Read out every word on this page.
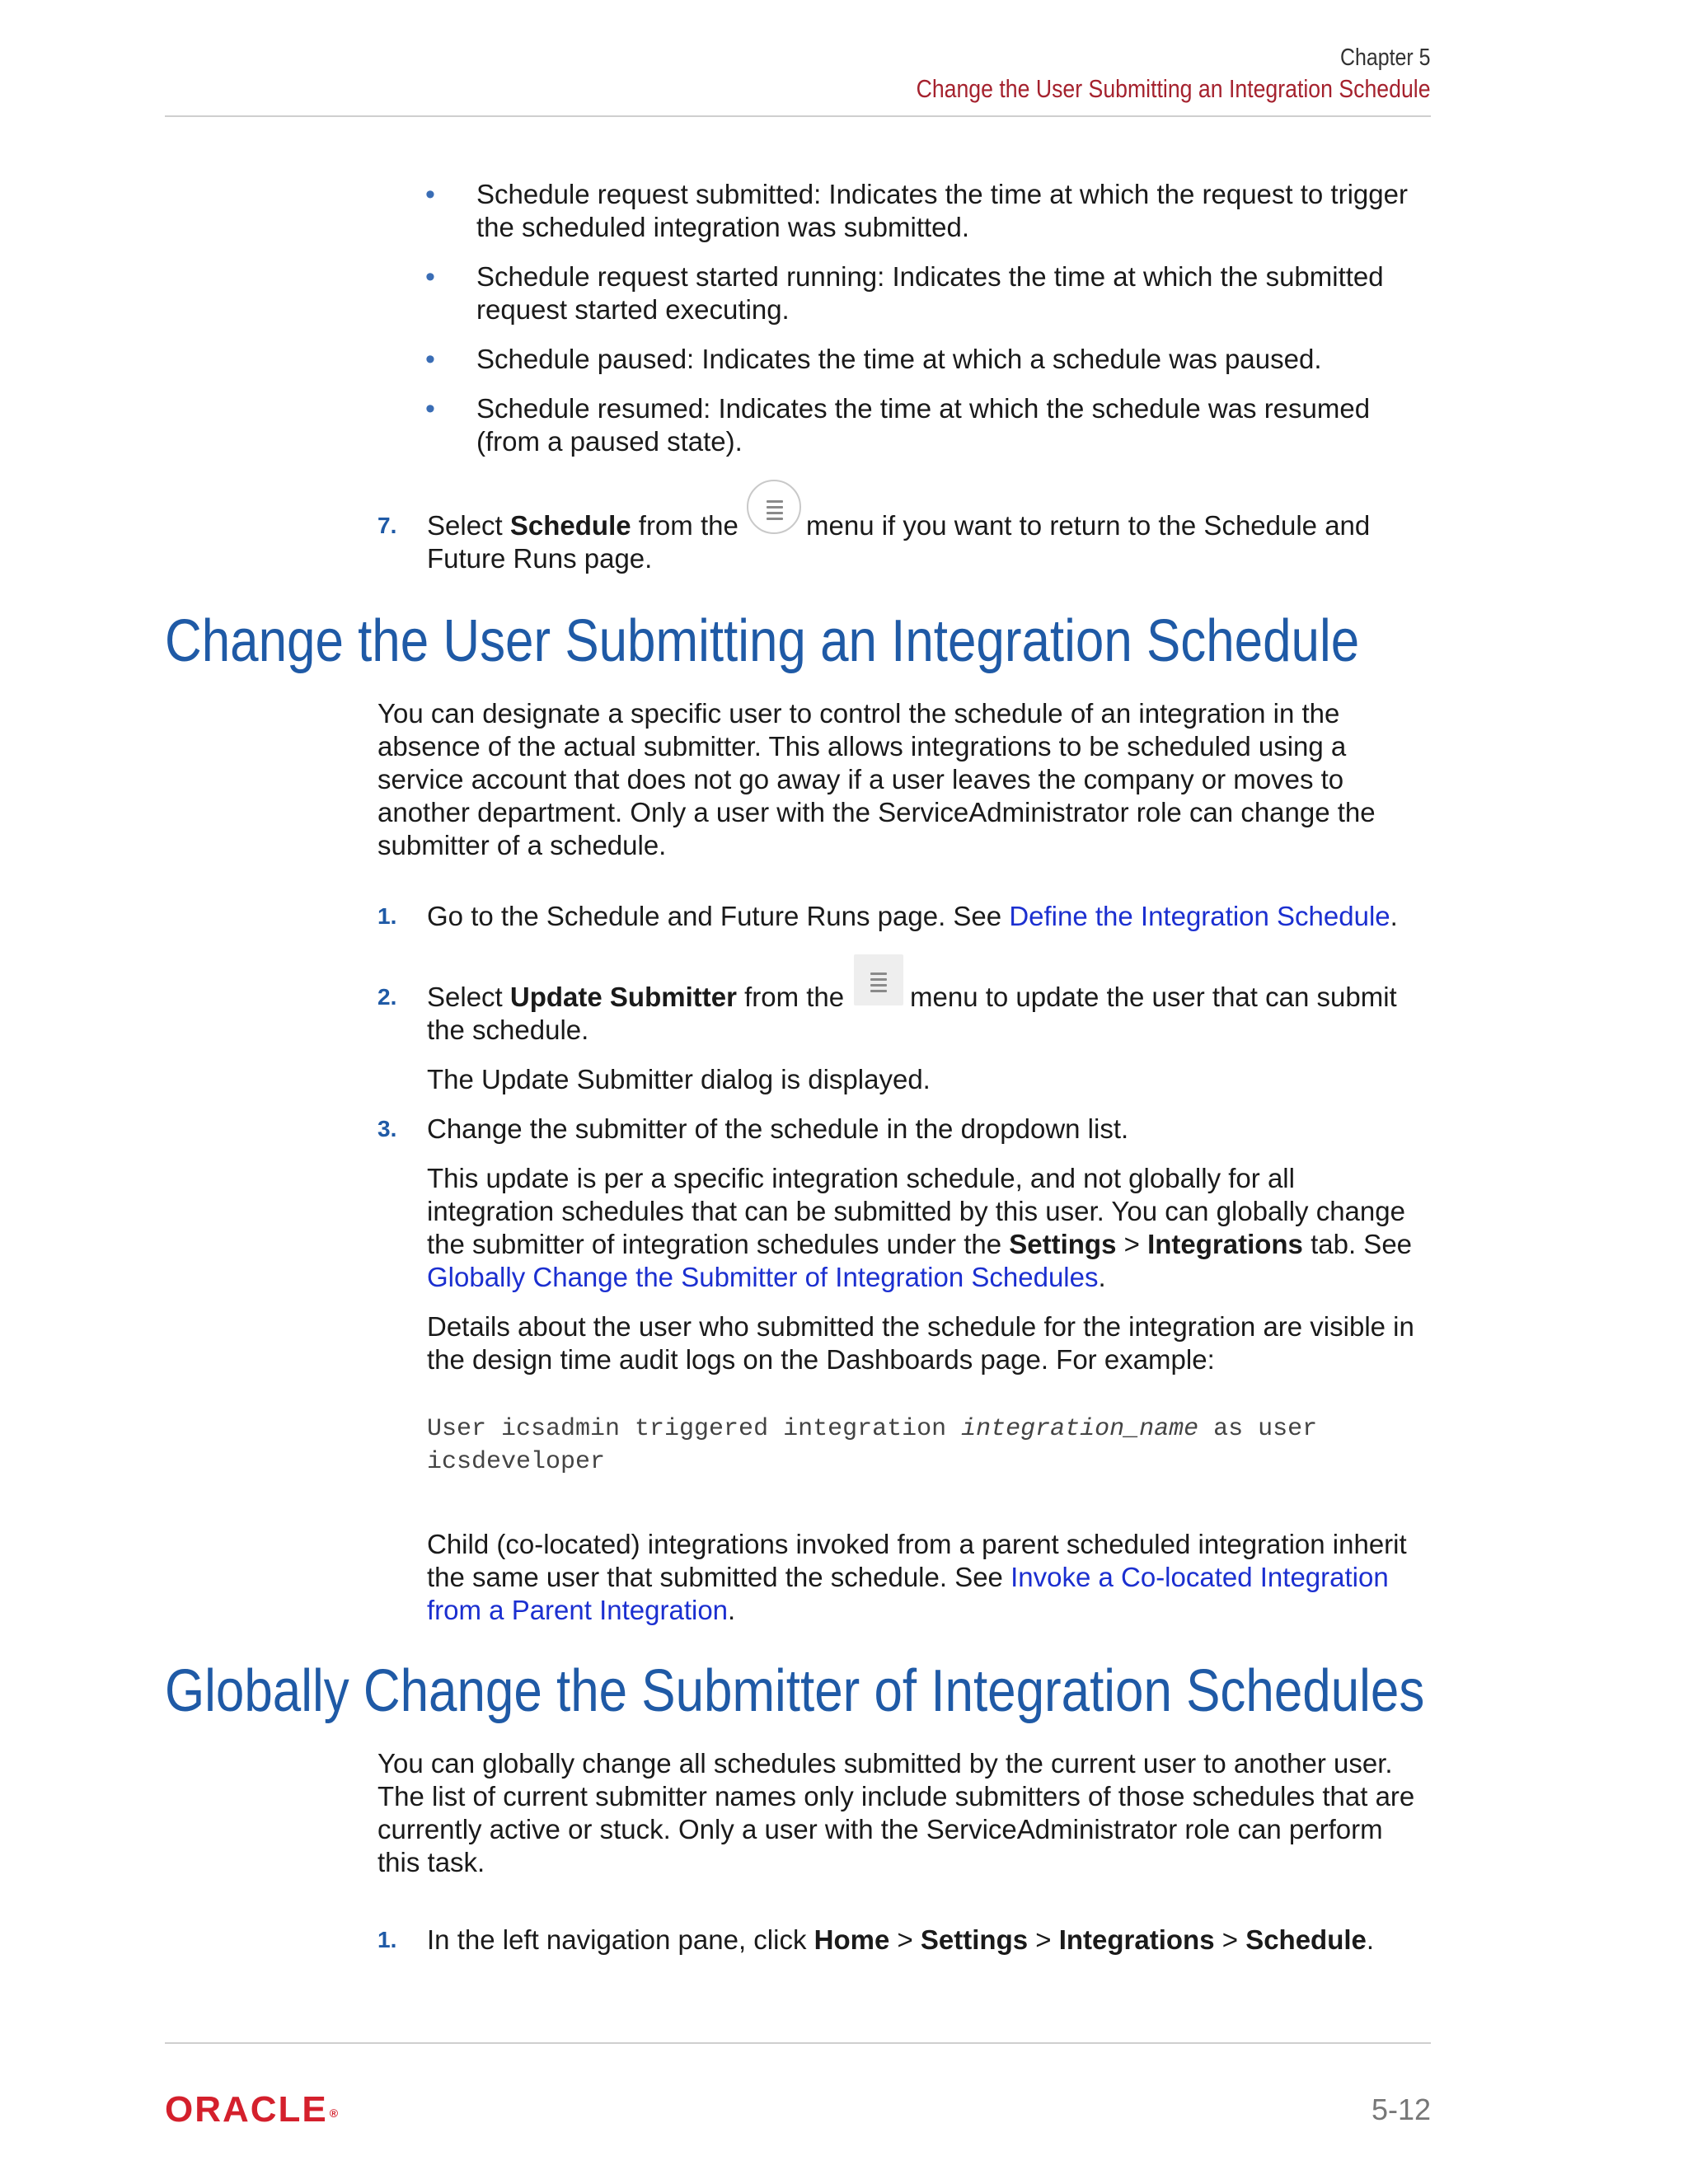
Chapter 5
Change the User Submitting an Integration Schedule
• Schedule request submitted: Indicates the time at which the request to trigger
the scheduled integration was submitted.
• Schedule request started running: Indicates the time at which the submitted
request started executing.
• Schedule paused: Indicates the time at which a schedule was paused.
• Schedule resumed: Indicates the time at which the schedule was resumed
(from a paused state).
7. Select Schedule from the menu if you want to return to the Schedule and
Future Runs page.
Change the User Submitting an Integration Schedule
You can designate a specific user to control the schedule of an integration in the
absence of the actual submitter. This allows integrations to be scheduled using a
service account that does not go away if a user leaves the company or moves to
another department. Only a user with the ServiceAdministrator role can change the
submitter of a schedule.
1. Go to the Schedule and Future Runs page. See Define the Integration Schedule.
2. Select Update Submitter from the menu to update the user that can submit
the schedule.
The Update Submitter dialog is displayed.
3. Change the submitter of the schedule in the dropdown list.
This update is per a specific integration schedule, and not globally for all
integration schedules that can be submitted by this user. You can globally change
the submitter of integration schedules under the Settings > Integrations tab. See
Globally Change the Submitter of Integration Schedules.
Details about the user who submitted the schedule for the integration are visible in
the design time audit logs on the Dashboards page. For example:
User icsadmin triggered integration integration_name as user
icsdeveloper
Child (co-located) integrations invoked from a parent scheduled integration inherit
the same user that submitted the schedule. See Invoke a Co-located Integration
from a Parent Integration.
Globally Change the Submitter of Integration Schedules
You can globally change all schedules submitted by the current user to another user.
The list of current submitter names only include submitters of those schedules that are
currently active or stuck. Only a user with the ServiceAdministrator role can perform
this task.
1. In the left navigation pane, click Home > Settings > Integrations > Schedule.
ORACLE ®	5-12
